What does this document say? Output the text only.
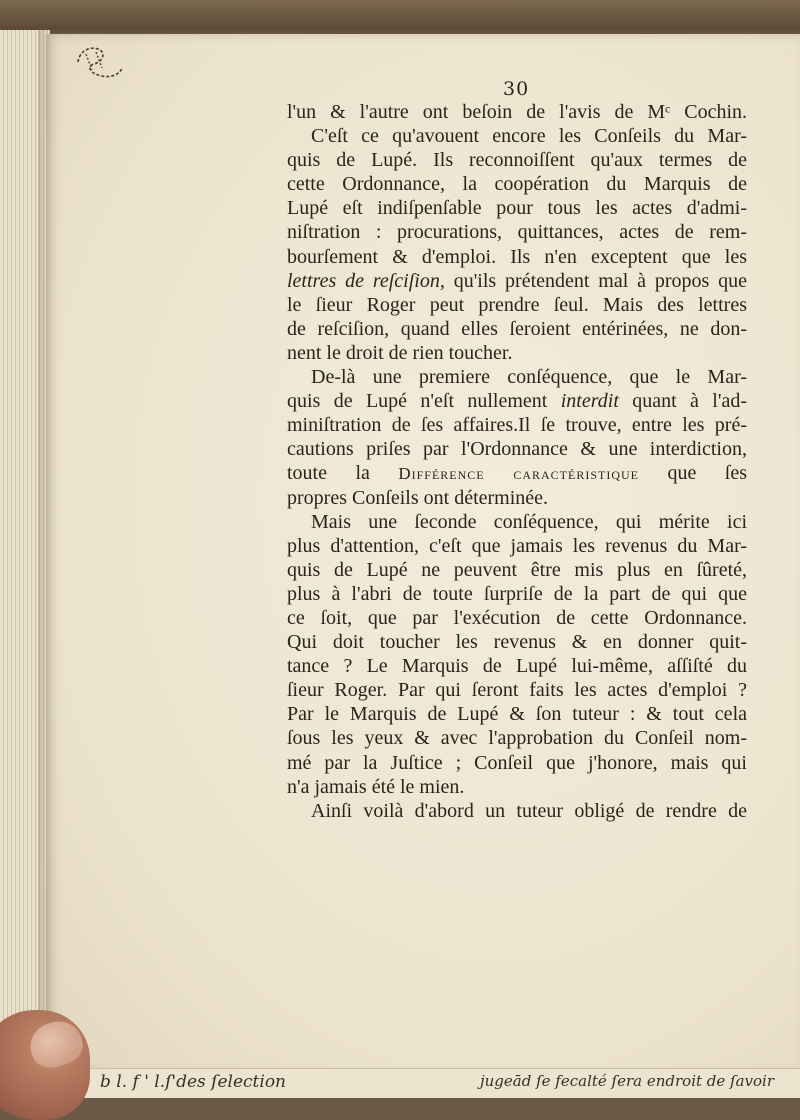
30
l'un & l'autre ont beſoin de l'avis de Mᶜ Cochin.
C'eſt ce qu'avouent encore les Conſeils du Mar-
quis de Lupé. Ils reconnoiſſent qu'aux termes de
cette Ordonnance, la coopération du Marquis de
Lupé eſt indiſpenſable pour tous les actes d'admi-
niſtration : procurations, quittances, actes de rem-
bourſement & d'emploi. Ils n'en exceptent que les
lettres de reſciſion, qu'ils prétendent mal à propos que
le ſieur Roger peut prendre ſeul. Mais des lettres
de reſciſion, quand elles ſeroient entérinées, ne don-
nent le droit de rien toucher.
De-là une premiere conſéquence, que le Mar-
quis de Lupé n'eſt nullement interdit quant à l'ad-
miniſtration de ſes affaires.Il ſe trouve, entre les pré-
cautions priſes par l'Ordonnance & une interdiction,
toute la Différence caractéristique que ſes
propres Conſeils ont déterminée.
Mais une ſeconde conſéquence, qui mérite ici
plus d'attention, c'eſt que jamais les revenus du Mar-
quis de Lupé ne peuvent être mis plus en ſûreté,
plus à l'abri de toute ſurpriſe de la part de qui que
ce ſoit, que par l'exécution de cette Ordonnance.
Qui doit toucher les revenus & en donner quit-
tance ? Le Marquis de Lupé lui-même, aſſiſté du
ſieur Roger. Par qui ſeront faits les actes d'emploi ?
Par le Marquis de Lupé & ſon tuteur : & tout cela
ſous les yeux & avec l'approbation du Conſeil nom-
mé par la Juſtice ; Conſeil que j'honore, mais qui
n'a jamais été le mien.
Ainſi voilà d'abord un tuteur obligé de rendre de
b l. f ' l.ſ'des ſelection	jugeād ſe fecalté ſera endroit de ſavoir
